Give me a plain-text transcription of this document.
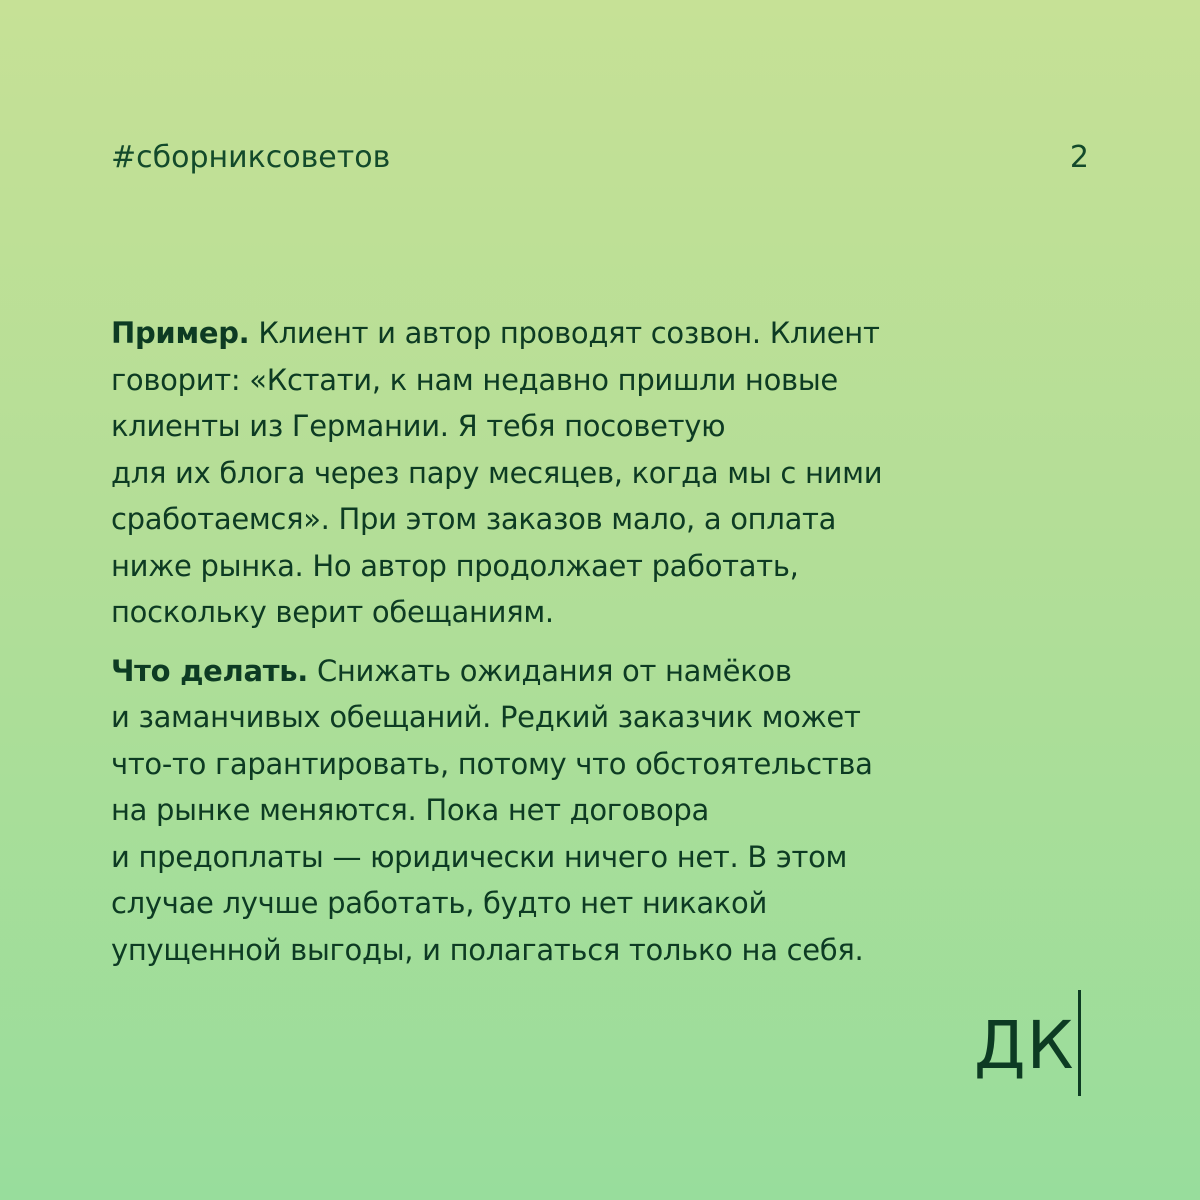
#сборниксоветов	2

Пример. Клиент и автор проводят созвон. Клиент
говорит: «Кстати, к нам недавно пришли новые
клиенты из Германии. Я тебя посоветую
для их блога через пару месяцев, когда мы с ними
сработаемся». При этом заказов мало, а оплата
ниже рынка. Но автор продолжает работать,
поскольку верит обещаниям.

Что делать. Снижать ожидания от намёков
и заманчивых обещаний. Редкий заказчик может
что-то гарантировать, потому что обстоятельства
на рынке меняются. Пока нет договора
и предоплаты — юридически ничего нет. В этом
случае лучше работать, будто нет никакой
упущенной выгоды, и полагаться только на себя.

ДК
